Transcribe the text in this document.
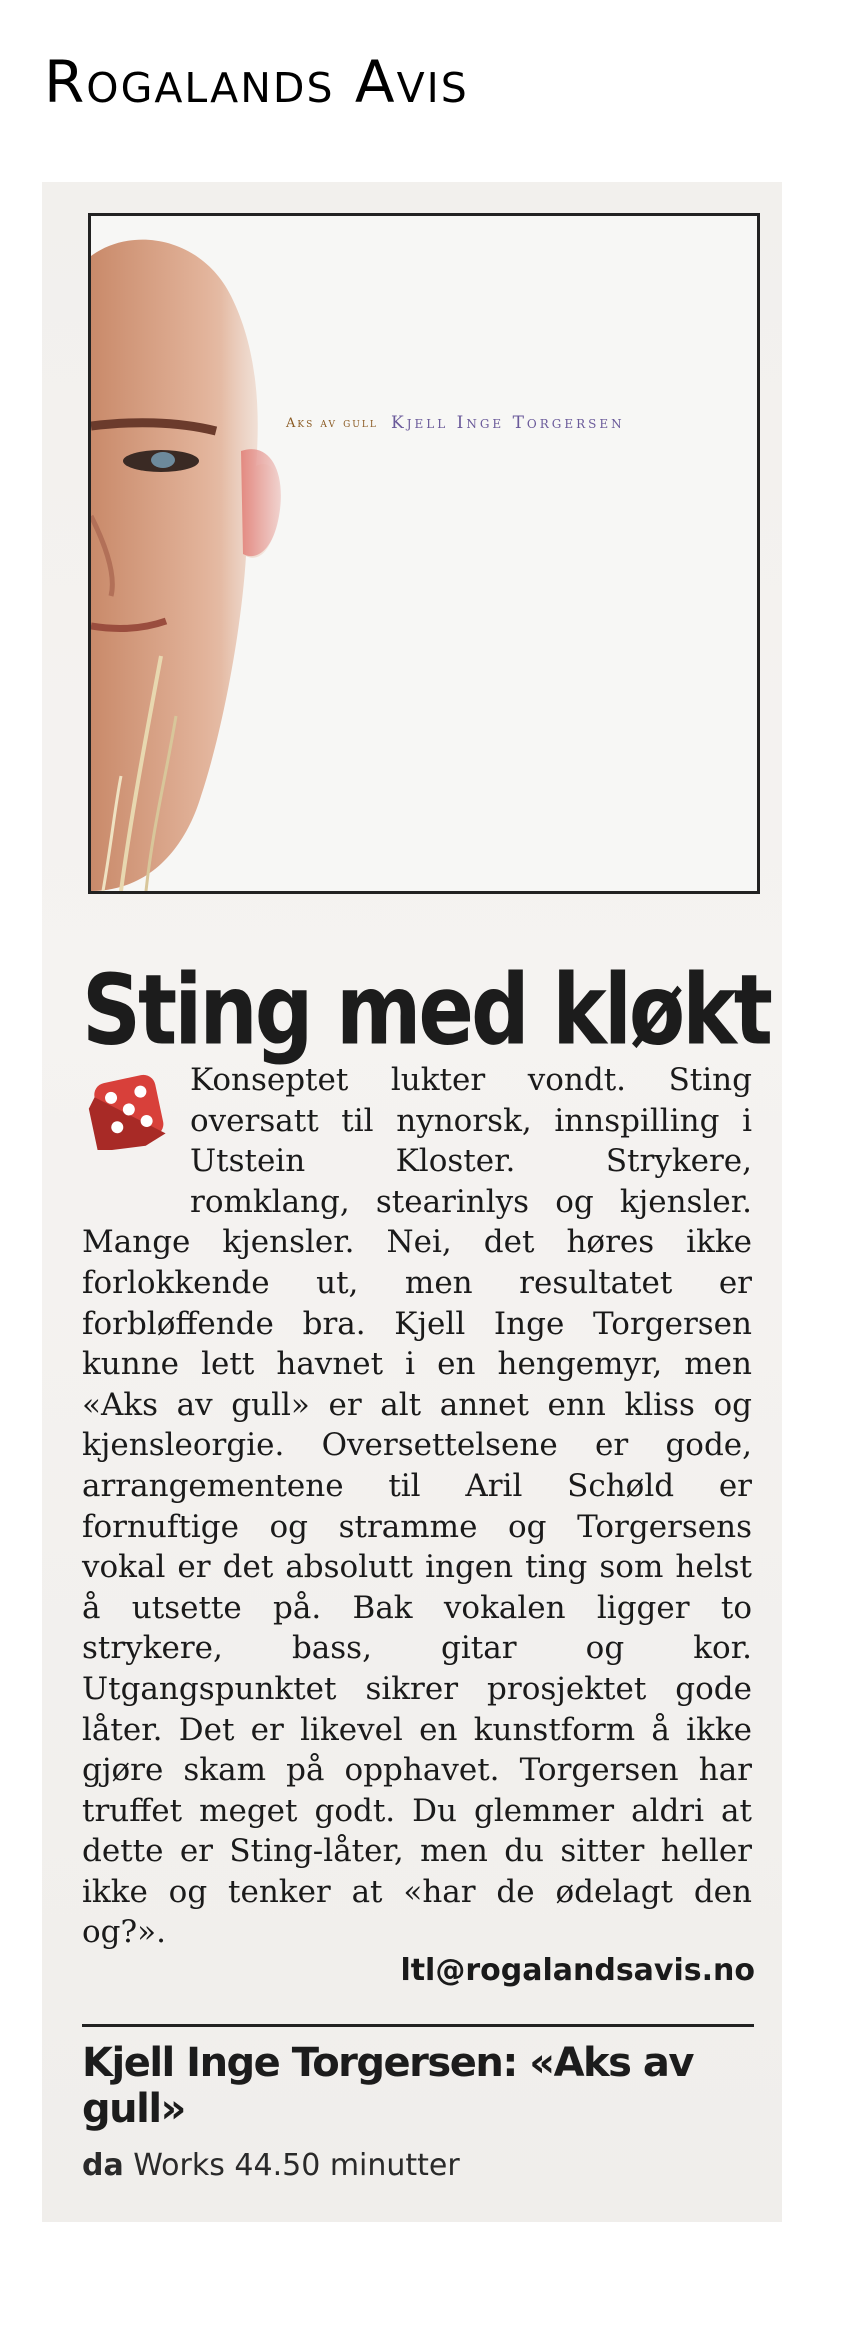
Rogalands Avis
Aks av gull Kjell Inge Torgersen
Sting med kløkt
Konseptet lukter vondt. Sting oversatt til nynorsk, innspilling i Utstein Kloster. Strykere, romklang, stearinlys og kjensler. Mange kjensler. Nei, det høres ikke forlokkende ut, men resultatet er forbløffende bra. Kjell Inge Torgersen kunne lett havnet i en hengemyr, men «Aks av gull» er alt annet enn kliss og kjensleorgie. Oversettelsene er gode, arrangementene til Aril Schøld er fornuftige og stramme og Torgersens vokal er det absolutt ingen ting som helst å utsette på. Bak vokalen ligger to strykere, bass, gitar og kor. Utgangspunktet sikrer prosjektet gode låter. Det er likevel en kunstform å ikke gjøre skam på opphavet. Torgersen har truffet meget godt. Du glemmer aldri at dette er Sting-låter, men du sitter heller ikke og tenker at «har de ødelagt den og?».
ltl@rogalandsavis.no
Kjell Inge Torgersen: «Aks av gull»
da Works 44.50 minutter
